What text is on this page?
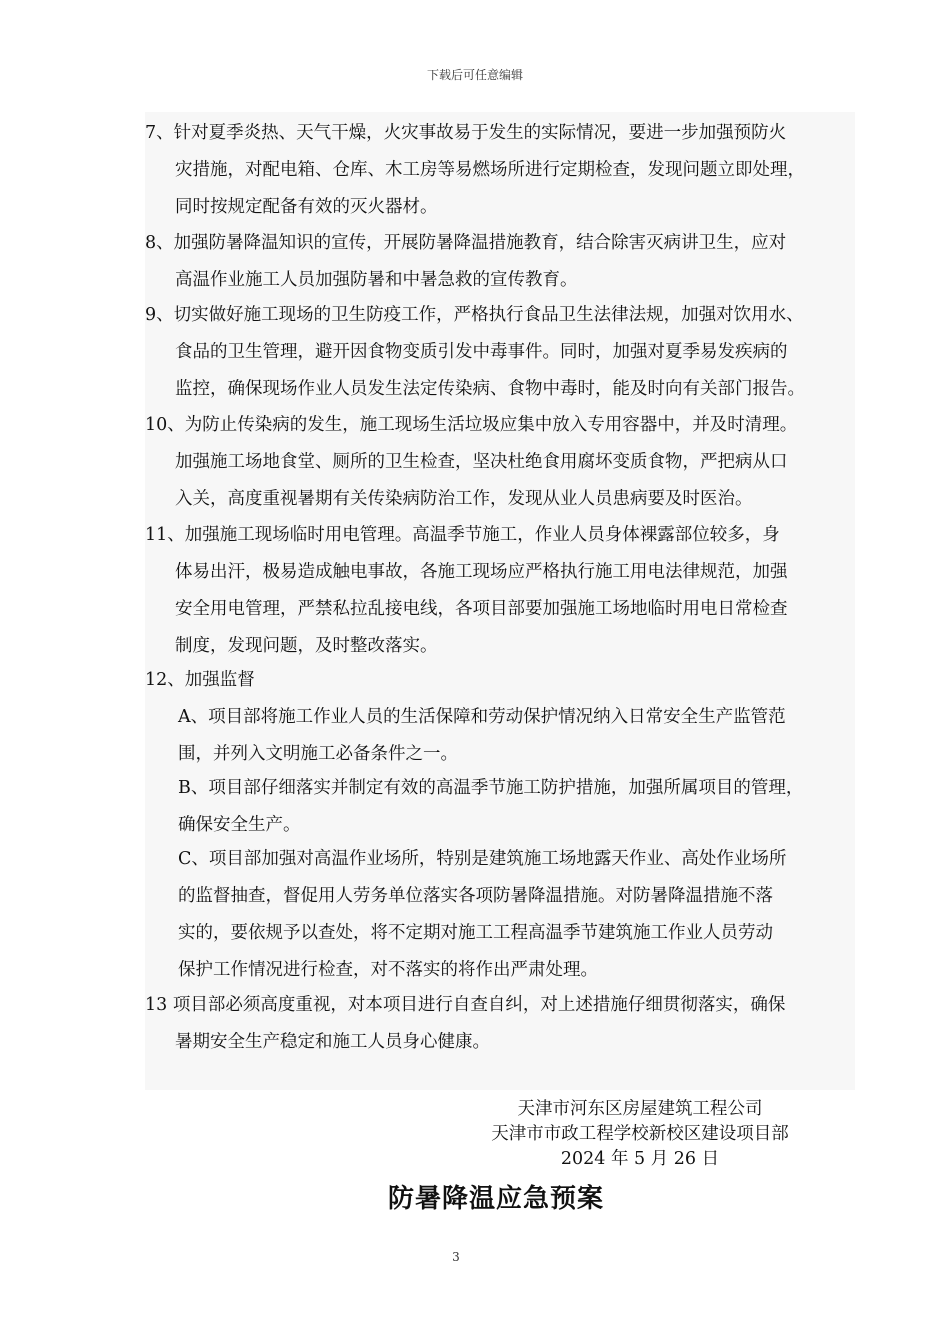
下载后可任意编辑
7、针对夏季炎热、天气干燥，火灾事故易于发生的实际情况，要进一步加强预防火
灾措施，对配电箱、仓库、木工房等易燃场所进行定期检查，发现问题立即处理，
同时按规定配备有效的灭火器材。
8、加强防暑降温知识的宣传，开展防暑降温措施教育，结合除害灭病讲卫生，应对
高温作业施工人员加强防暑和中暑急救的宣传教育。
9、切实做好施工现场的卫生防疫工作，严格执行食品卫生法律法规，加强对饮用水、
食品的卫生管理，避开因食物变质引发中毒事件。同时，加强对夏季易发疾病的
监控，确保现场作业人员发生法定传染病、食物中毒时，能及时向有关部门报告。
10、为防止传染病的发生，施工现场生活垃圾应集中放入专用容器中，并及时清理。
加强施工场地食堂、厕所的卫生检查，坚决杜绝食用腐坏变质食物，严把病从口
入关，高度重视暑期有关传染病防治工作，发现从业人员患病要及时医治。
11、加强施工现场临时用电管理。高温季节施工，作业人员身体裸露部位较多，身
体易出汗，极易造成触电事故，各施工现场应严格执行施工用电法律规范，加强
安全用电管理，严禁私拉乱接电线，各项目部要加强施工场地临时用电日常检查
制度，发现问题，及时整改落实。
12、加强监督
A、项目部将施工作业人员的生活保障和劳动保护情况纳入日常安全生产监管范
围，并列入文明施工必备条件之一。
B、项目部仔细落实并制定有效的高温季节施工防护措施，加强所属项目的管理，
确保安全生产。
C、项目部加强对高温作业场所，特别是建筑施工场地露天作业、高处作业场所
的监督抽查，督促用人劳务单位落实各项防暑降温措施。对防暑降温措施不落
实的，要依规予以查处，将不定期对施工工程高温季节建筑施工作业人员劳动
保护工作情况进行检查，对不落实的将作出严肃处理。
13 项目部必须高度重视，对本项目进行自查自纠，对上述措施仔细贯彻落实，确保
暑期安全生产稳定和施工人员身心健康。
天津市河东区房屋建筑工程公司
天津市市政工程学校新校区建设项目部
2024 年 5 月 26 日
防暑降温应急预案
3
